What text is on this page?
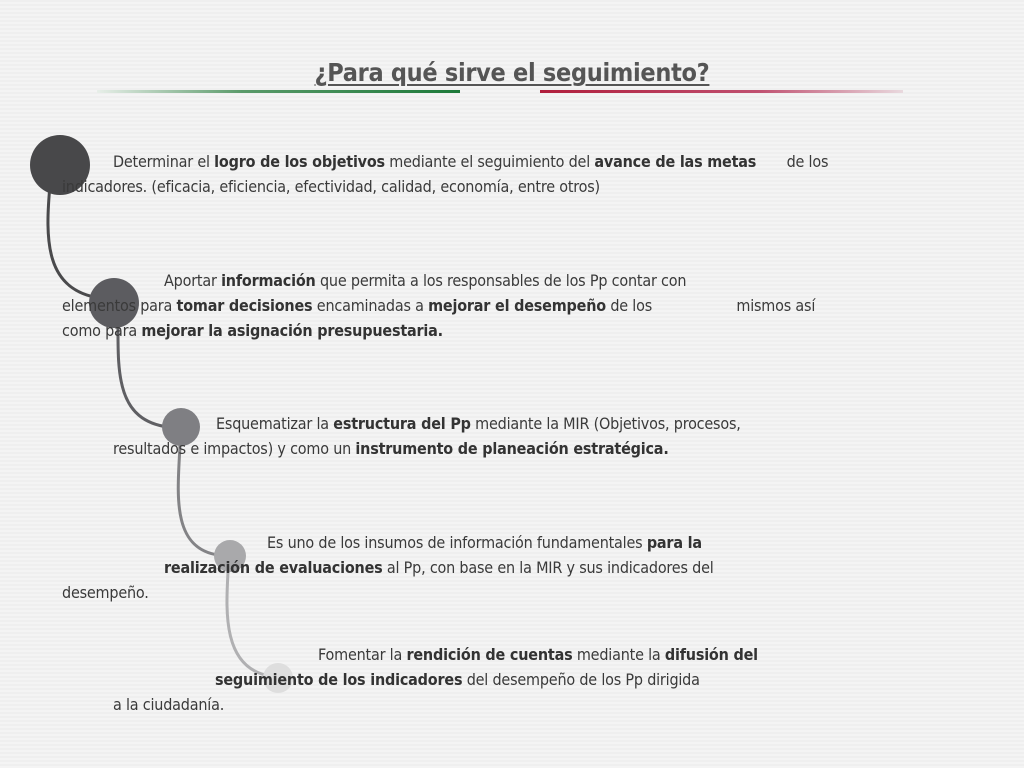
¿Para qué sirve el seguimiento?
Determinar el logro de los objetivos mediante el seguimiento del avance de las metas de los
indicadores. (eficacia, eficiencia, efectividad, calidad, economía, entre otros)
Aportar información que permita a los responsables de los Pp contar con
elementos para tomar decisiones encaminadas a mejorar el desempeño de los	mismos así
como para mejorar la asignación presupuestaria.
Esquematizar la estructura del Pp mediante la MIR (Objetivos, procesos,
resultados e impactos) y como un instrumento de planeación estratégica.
Es uno de los insumos de información fundamentales para la
realización de evaluaciones al Pp, con base en la MIR y sus indicadores del
desempeño.
Fomentar la rendición de cuentas mediante la difusión del
seguimiento de los indicadores del desempeño de los Pp dirigida
a la ciudadanía.
